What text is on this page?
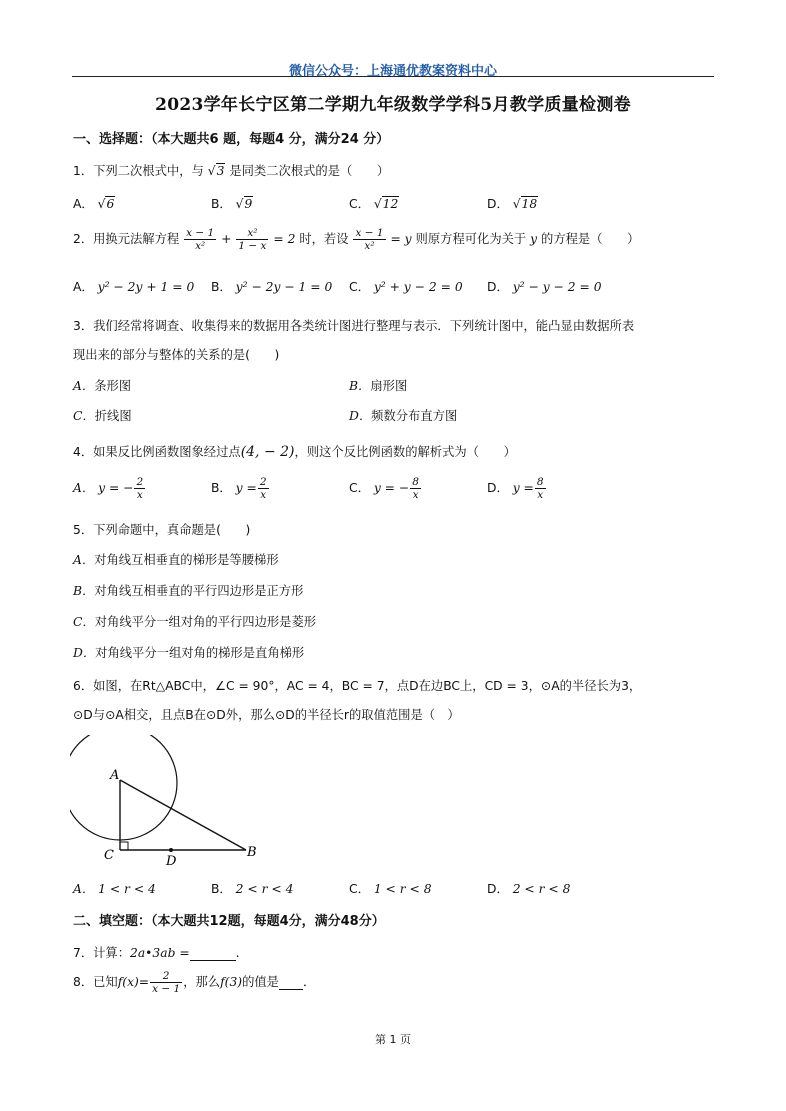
微信公众号：上海通优教案资料中心
2023学年长宁区第二学期九年级数学学科5月教学质量检测卷
一、选择题：（本大题共6 题，每题4 分，满分24 分）
1．下列二次根式中，与 √3 是同类二次根式的是（　　）
A． √6	B． √9	C． √12	D． √18
2．用换元法解方程 $\frac{x - 1}{\text{x²}} + \frac{\text{x²}}{1 - x} = 2$ 时，若设 $\frac{x - 1}{\text{x²}} = y$ 则原方程可化为关于 y 的方程是（　　）
A． y² − 2y + 1 = 0 B． y² − 2y − 1 = 0 C． y² + y − 2 = 0 D． y² − y − 2 = 0
3．我们经常将调查、收集得来的数据用各类统计图进行整理与表示．下列统计图中，能凸显由数据所表
现出来的部分与整体的关系的是(　　)
A．条形图	B．扇形图
C．折线图	D．频数分布直方图
4．如果反比例函数图象经过点(4, − 2)，则这个反比例函数的解析式为（　　）
A． y = − $\frac{2}{x}$	B． $y = \frac{2}{x}$	C． y = − $\frac{8}{x}$	D． $y = \frac{8}{x}$
5．下列命题中，真命题是(　　)
A．对角线互相垂直的梯形是等腰梯形
B．对角线互相垂直的平行四边形是正方形
C．对角线平分一组对角的平行四边形是菱形
D．对角线平分一组对角的梯形是直角梯形
6．如图，在Rt△ABC中，∠C = 90°，AC = 4，BC = 7，点D在边BC上，CD = 3，⊙A的半径长为3，
⊙D与⊙A相交，且点B在⊙D外，那么⊙D的半径长r的取值范围是（　）
A
C	D
B
A． 1 < r < 4	B． 2 < r < 4	C． 1 < r < 8	D． 2 < r < 8
二、填空题：（本大题共12题，每题4分，满分48分）
7．计算：2a•3ab =	.
8．已知$f(x)= \frac{2}{x - 1}$ ，那么f(3)的值是 ．
第 1 页
